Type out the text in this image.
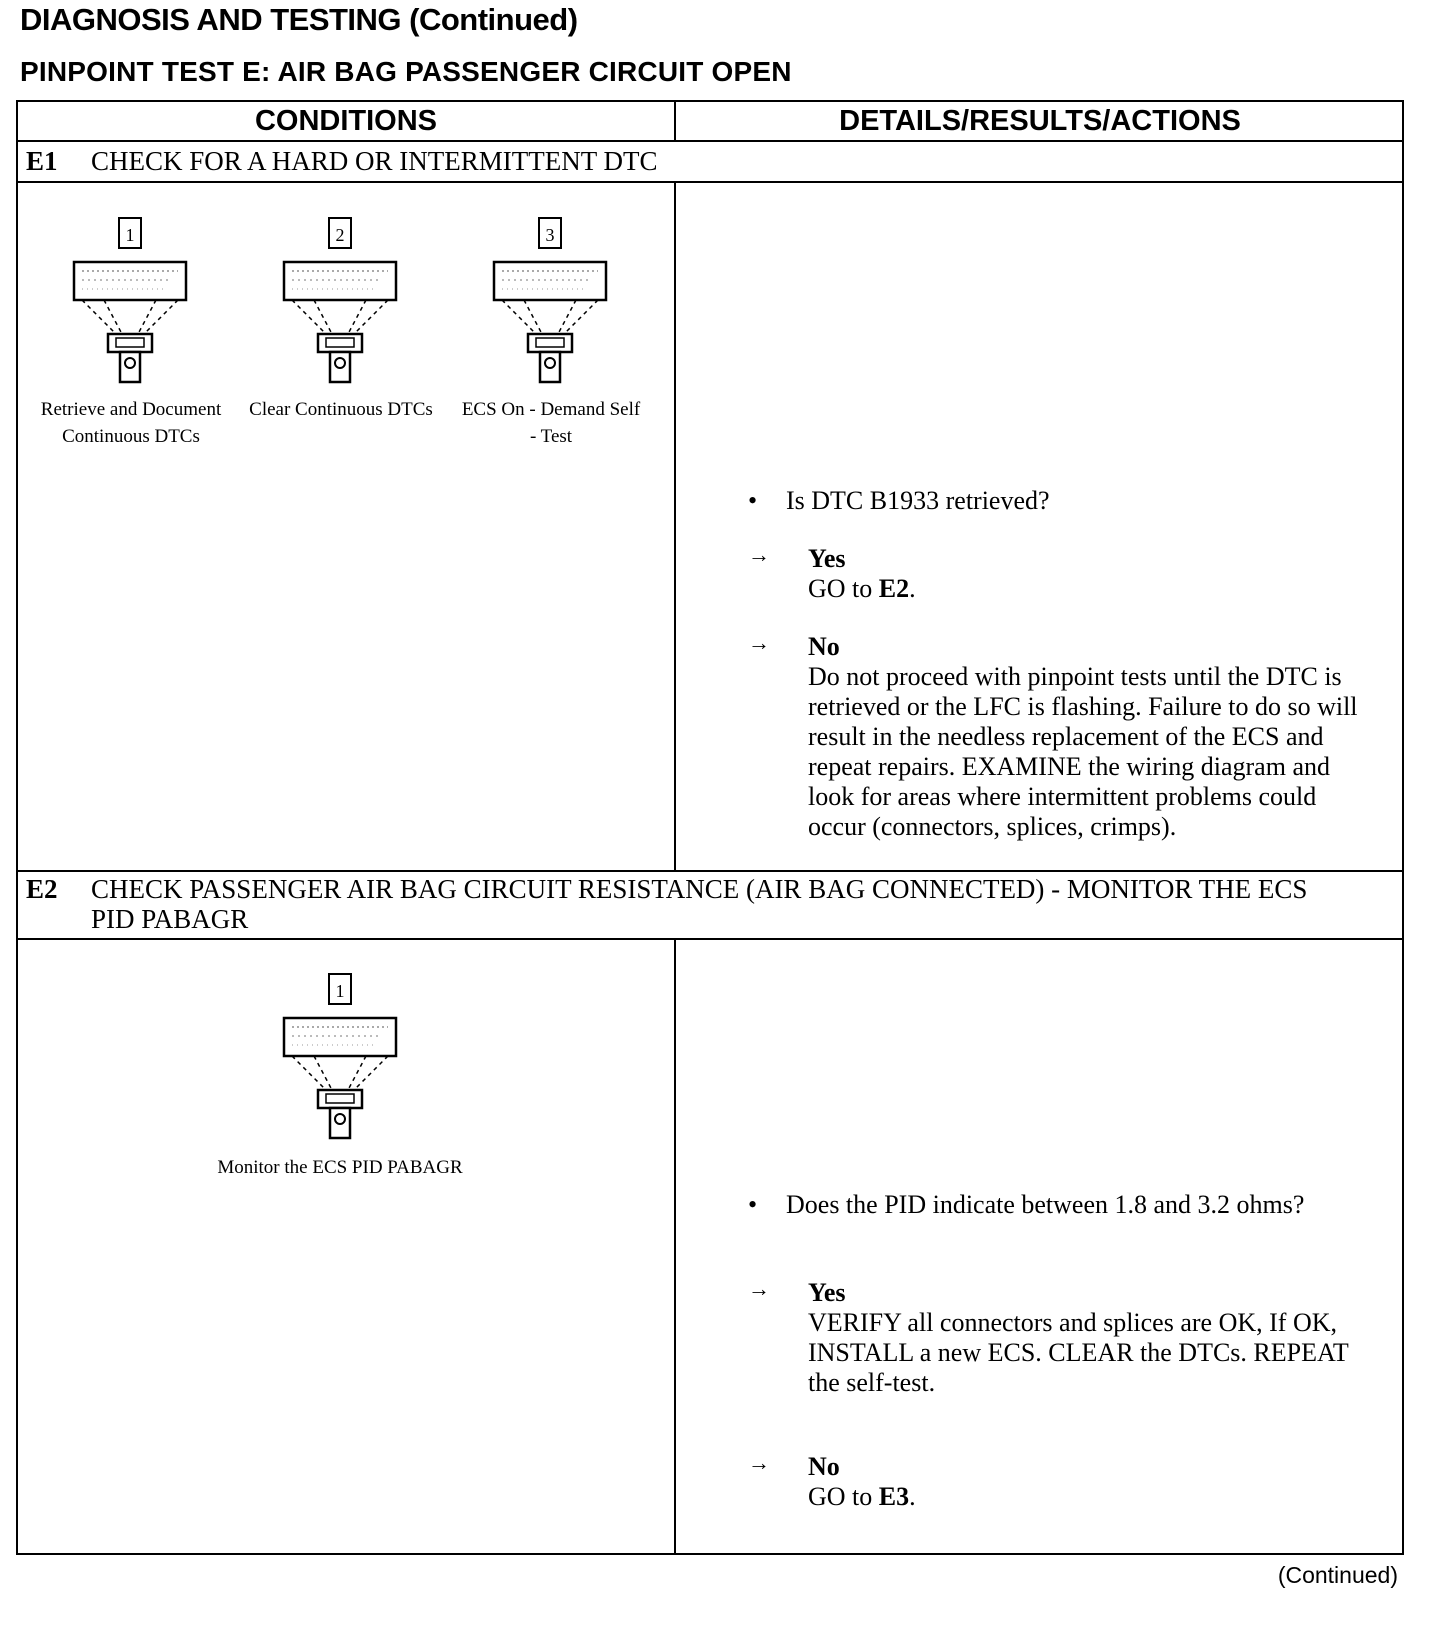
DIAGNOSIS AND TESTING (Continued)
PINPOINT TEST E: AIR BAG PASSENGER CIRCUIT OPEN
CONDITIONS	DETAILS/RESULTS/ACTIONS
E1 CHECK FOR A HARD OR INTERMITTENT DTC
1
Retrieve and Document Continuous DTCs
2
Clear Continuous DTCs
3
ECS On - Demand Self - Test
• Is DTC B1933 retrieved?
→ Yes
GO to E2.
→ No
Do not proceed with pinpoint tests until the DTC is retrieved or the LFC is flashing. Failure to do so will result in the needless replacement of the ECS and repeat repairs. EXAMINE the wiring diagram and look for areas where intermittent problems could occur (connectors, splices, crimps).
E2 CHECK PASSENGER AIR BAG CIRCUIT RESISTANCE (AIR BAG CONNECTED) - MONITOR THE ECS PID PABAGR
1
Monitor the ECS PID PABAGR
• Does the PID indicate between 1.8 and 3.2 ohms?
→ Yes
VERIFY all connectors and splices are OK, If OK, INSTALL a new ECS. CLEAR the DTCs. REPEAT the self-test.
→ No
GO to E3.
(Continued)
